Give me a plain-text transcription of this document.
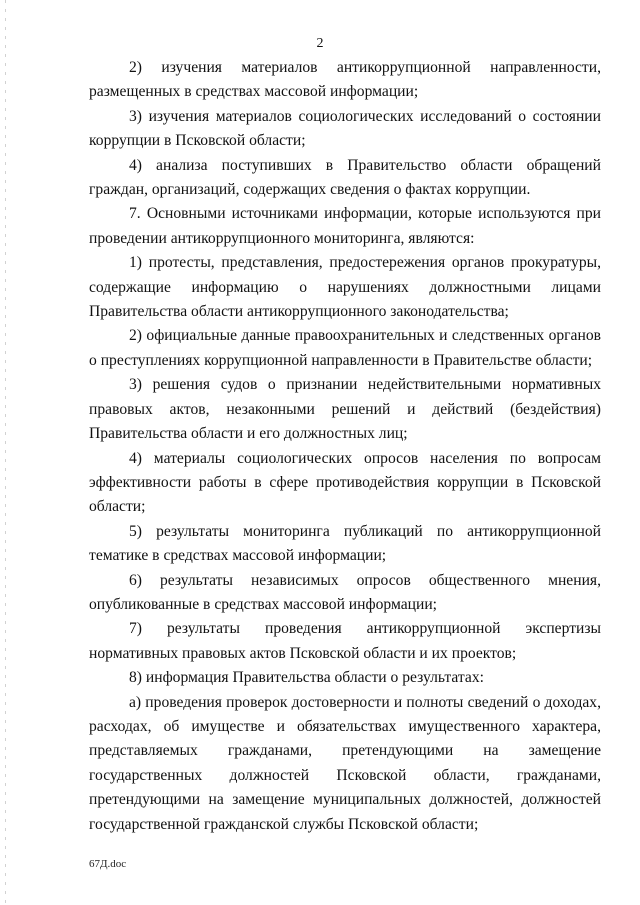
2

2) изучения материалов антикоррупционной направленности, размещенных в средствах массовой информации;

3) изучения материалов социологических исследований о состоянии коррупции в Псковской области;

4) анализа поступивших в Правительство области обращений граждан, организаций, содержащих сведения о фактах коррупции.

7. Основными источниками информации, которые используются при проведении антикоррупционного мониторинга, являются:

1) протесты, представления, предостережения органов прокуратуры, содержащие информацию о нарушениях должностными лицами Правительства области антикоррупционного законодательства;

2) официальные данные правоохранительных и следственных органов о преступлениях коррупционной направленности в Правительстве области;

3) решения судов о признании недействительными нормативных правовых актов, незаконными решений и действий (бездействия) Правительства области и его должностных лиц;

4) материалы социологических опросов населения по вопросам эффективности работы в сфере противодействия коррупции в Псковской области;

5) результаты мониторинга публикаций по антикоррупционной тематике в средствах массовой информации;

6) результаты независимых опросов общественного мнения, опубликованные в средствах массовой информации;

7) результаты проведения антикоррупционной экспертизы нормативных правовых актов Псковской области и их проектов;

8) информация Правительства области о результатах:

а) проведения проверок достоверности и полноты сведений о доходах, расходах, об имуществе и обязательствах имущественного характера, представляемых гражданами, претендующими на замещение государственных должностей Псковской области, гражданами, претендующими на замещение муниципальных должностей, должностей государственной гражданской службы Псковской области;

67Д.doc
